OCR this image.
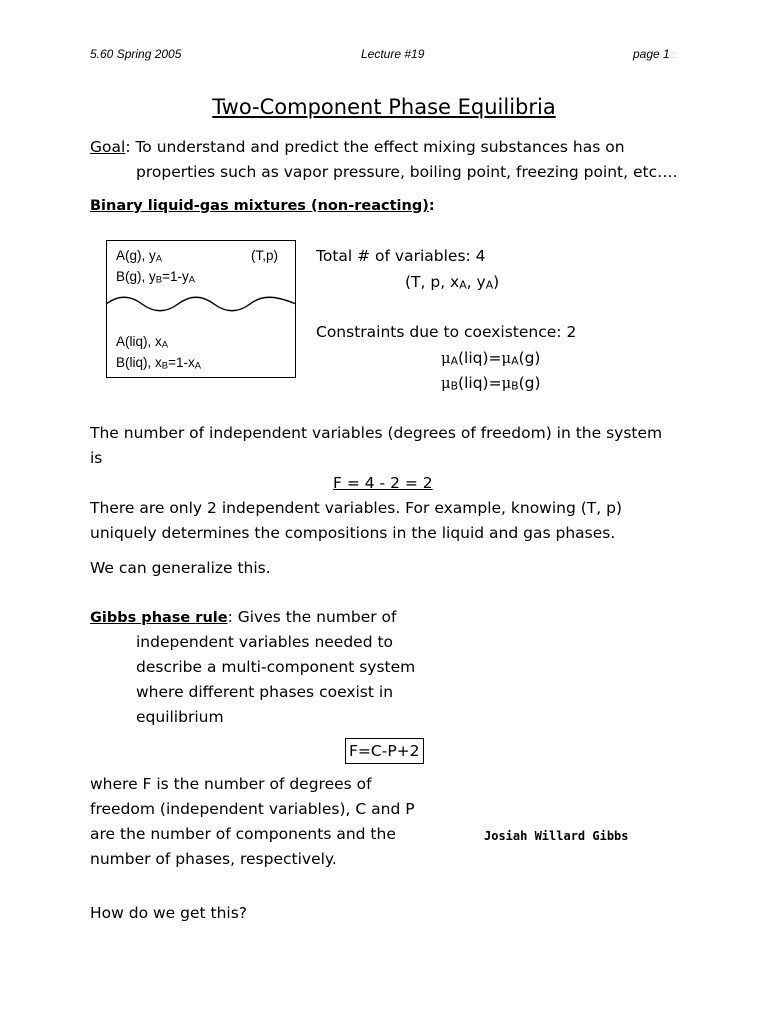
5.60 Spring 2005	Lecture #19	page 1□
Two-Component Phase Equilibria
Goal: To understand and predict the effect mixing substances has on
properties such as vapor pressure, boiling point, freezing point, etc….
Binary liquid-gas mixtures (non-reacting):
A(g), yA	(T,p)
B(g), yB=1-yA
A(liq), xA
B(liq), xB=1-xA
Total # of variables: 4
(T, p, xA, yA)
Constraints due to coexistence: 2
μA(liq)=μA(g)
μB(liq)=μB(g)
The number of independent variables (degrees of freedom) in the system
is
F = 4 - 2 = 2
There are only 2 independent variables. For example, knowing (T, p)
uniquely determines the compositions in the liquid and gas phases.
We can generalize this.
Gibbs phase rule: Gives the number of
independent variables needed to
describe a multi-component system
where different phases coexist in
equilibrium
F=C-P+2
where F is the number of degrees of
freedom (independent variables), C and P
are the number of components and the
number of phases, respectively.
Josiah Willard Gibbs
How do we get this?
